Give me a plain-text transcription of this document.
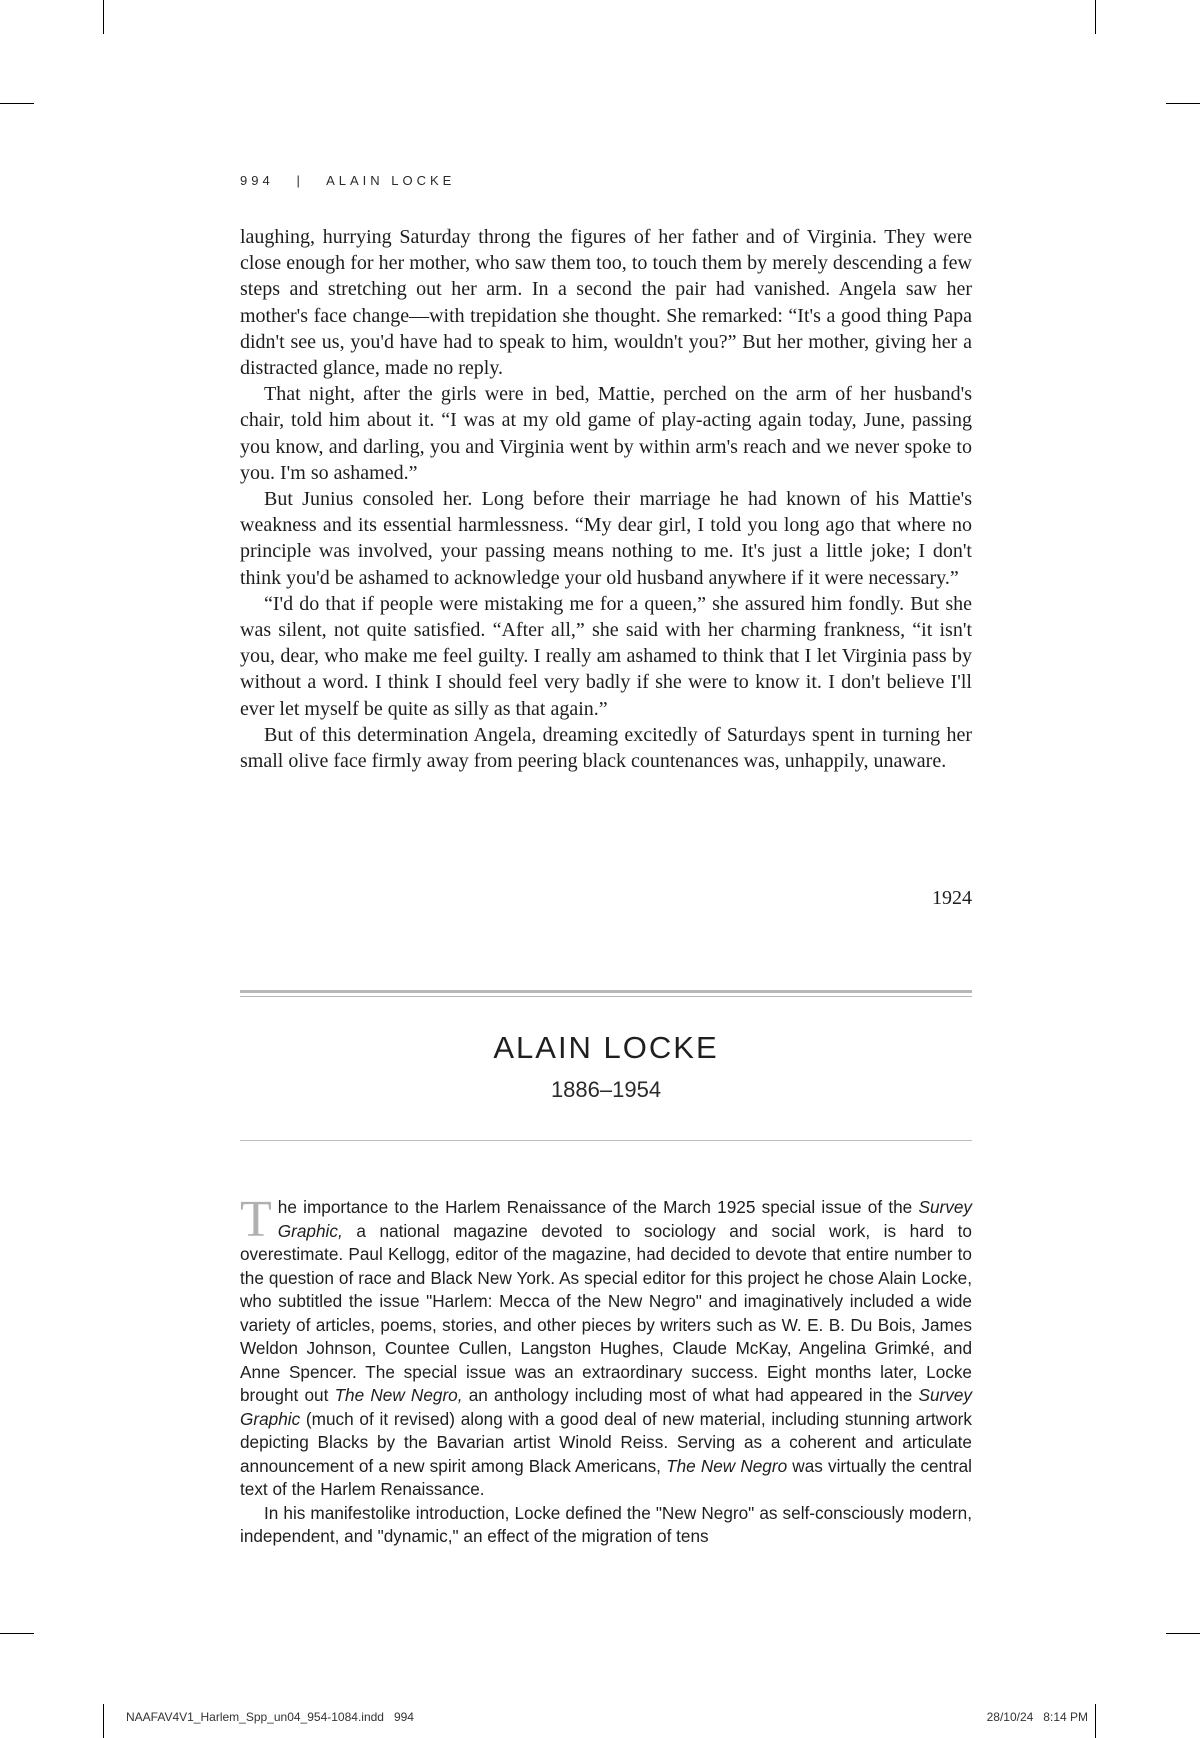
994 | ALAIN LOCKE

laughing, hurrying Saturday throng the figures of her father and of Virginia. They were close enough for her mother, who saw them too, to touch them by merely descending a few steps and stretching out her arm. In a second the pair had vanished. Angela saw her mother's face change—with trepidation she thought. She remarked: “It's a good thing Papa didn't see us, you'd have had to speak to him, wouldn't you?” But her mother, giving her a distracted glance, made no reply.

That night, after the girls were in bed, Mattie, perched on the arm of her husband's chair, told him about it. “I was at my old game of play-acting again today, June, passing you know, and darling, you and Virginia went by within arm's reach and we never spoke to you. I'm so ashamed.”

But Junius consoled her. Long before their marriage he had known of his Mattie's weakness and its essential harmlessness. “My dear girl, I told you long ago that where no principle was involved, your passing means nothing to me. It's just a little joke; I don't think you'd be ashamed to acknowledge your old husband anywhere if it were necessary.”

“I'd do that if people were mistaking me for a queen,” she assured him fondly. But she was silent, not quite satisfied. “After all,” she said with her charming frankness, “it isn't you, dear, who make me feel guilty. I really am ashamed to think that I let Virginia pass by without a word. I think I should feel very badly if she were to know it. I don't believe I'll ever let myself be quite as silly as that again.”

But of this determination Angela, dreaming excitedly of Saturdays spent in turning her small olive face firmly away from peering black countenances was, unhappily, unaware.

1924
ALAIN LOCKE
1886–1954

The importance to the Harlem Renaissance of the March 1925 special issue of the Survey Graphic, a national magazine devoted to sociology and social work, is hard to overestimate. Paul Kellogg, editor of the magazine, had decided to devote that entire number to the question of race and Black New York. As special editor for this project he chose Alain Locke, who subtitled the issue "Harlem: Mecca of the New Negro" and imaginatively included a wide variety of articles, poems, stories, and other pieces by writers such as W. E. B. Du Bois, James Weldon Johnson, Countee Cullen, Langston Hughes, Claude McKay, Angelina Grimké, and Anne Spencer. The special issue was an extraordinary success. Eight months later, Locke brought out The New Negro, an anthology including most of what had appeared in the Survey Graphic (much of it revised) along with a good deal of new material, including stunning artwork depicting Blacks by the Bavarian artist Winold Reiss. Serving as a coherent and articulate announcement of a new spirit among Black Americans, The New Negro was virtually the central text of the Harlem Renaissance.

In his manifestolike introduction, Locke defined the "New Negro" as self-consciously modern, independent, and "dynamic," an effect of the migration of tens

NAAFAV4V1_Harlem_Spp_un04_954-1084.indd   994	28/10/24   8:14 PM
